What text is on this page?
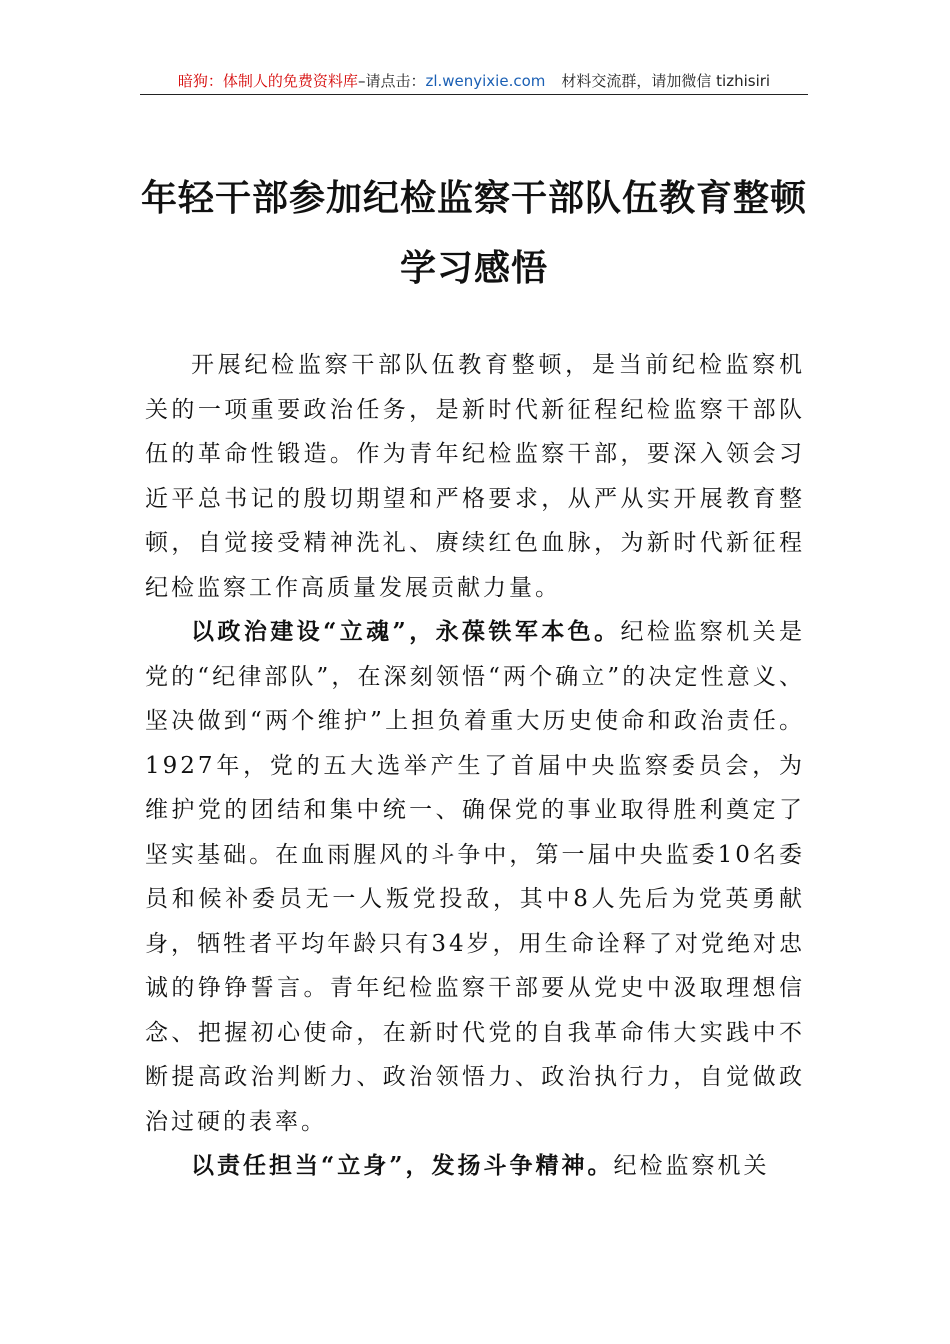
暗狗：体制人的免费资料库–请点击：zl.wenyixie.com 材料交流群，请加微信 tizhisiri
年轻干部参加纪检监察干部队伍教育整顿
学习感悟

开展纪检监察干部队伍教育整顿，是当前纪检监察机关的一项重要政治任务，是新时代新征程纪检监察干部队伍的革命性锻造。作为青年纪检监察干部，要深入领会习近平总书记的殷切期望和严格要求，从严从实开展教育整顿，自觉接受精神洗礼、赓续红色血脉，为新时代新征程纪检监察工作高质量发展贡献力量。

以政治建设“立魂”，永葆铁军本色。纪检监察机关是党的“纪律部队”，在深刻领悟“两个确立”的决定性意义、坚决做到“两个维护”上担负着重大历史使命和政治责任。1927年，党的五大选举产生了首届中央监察委员会，为维护党的团结和集中统一、确保党的事业取得胜利奠定了坚实基础。在血雨腥风的斗争中，第一届中央监委10名委员和候补委员无一人叛党投敌，其中8人先后为党英勇献身，牺牲者平均年龄只有34岁，用生命诠释了对党绝对忠诚的铮铮誓言。青年纪检监察干部要从党史中汲取理想信念、把握初心使命，在新时代党的自我革命伟大实践中不断提高政治判断力、政治领悟力、政治执行力，自觉做政治过硬的表率。

以责任担当“立身”，发扬斗争精神。纪检监察机关
